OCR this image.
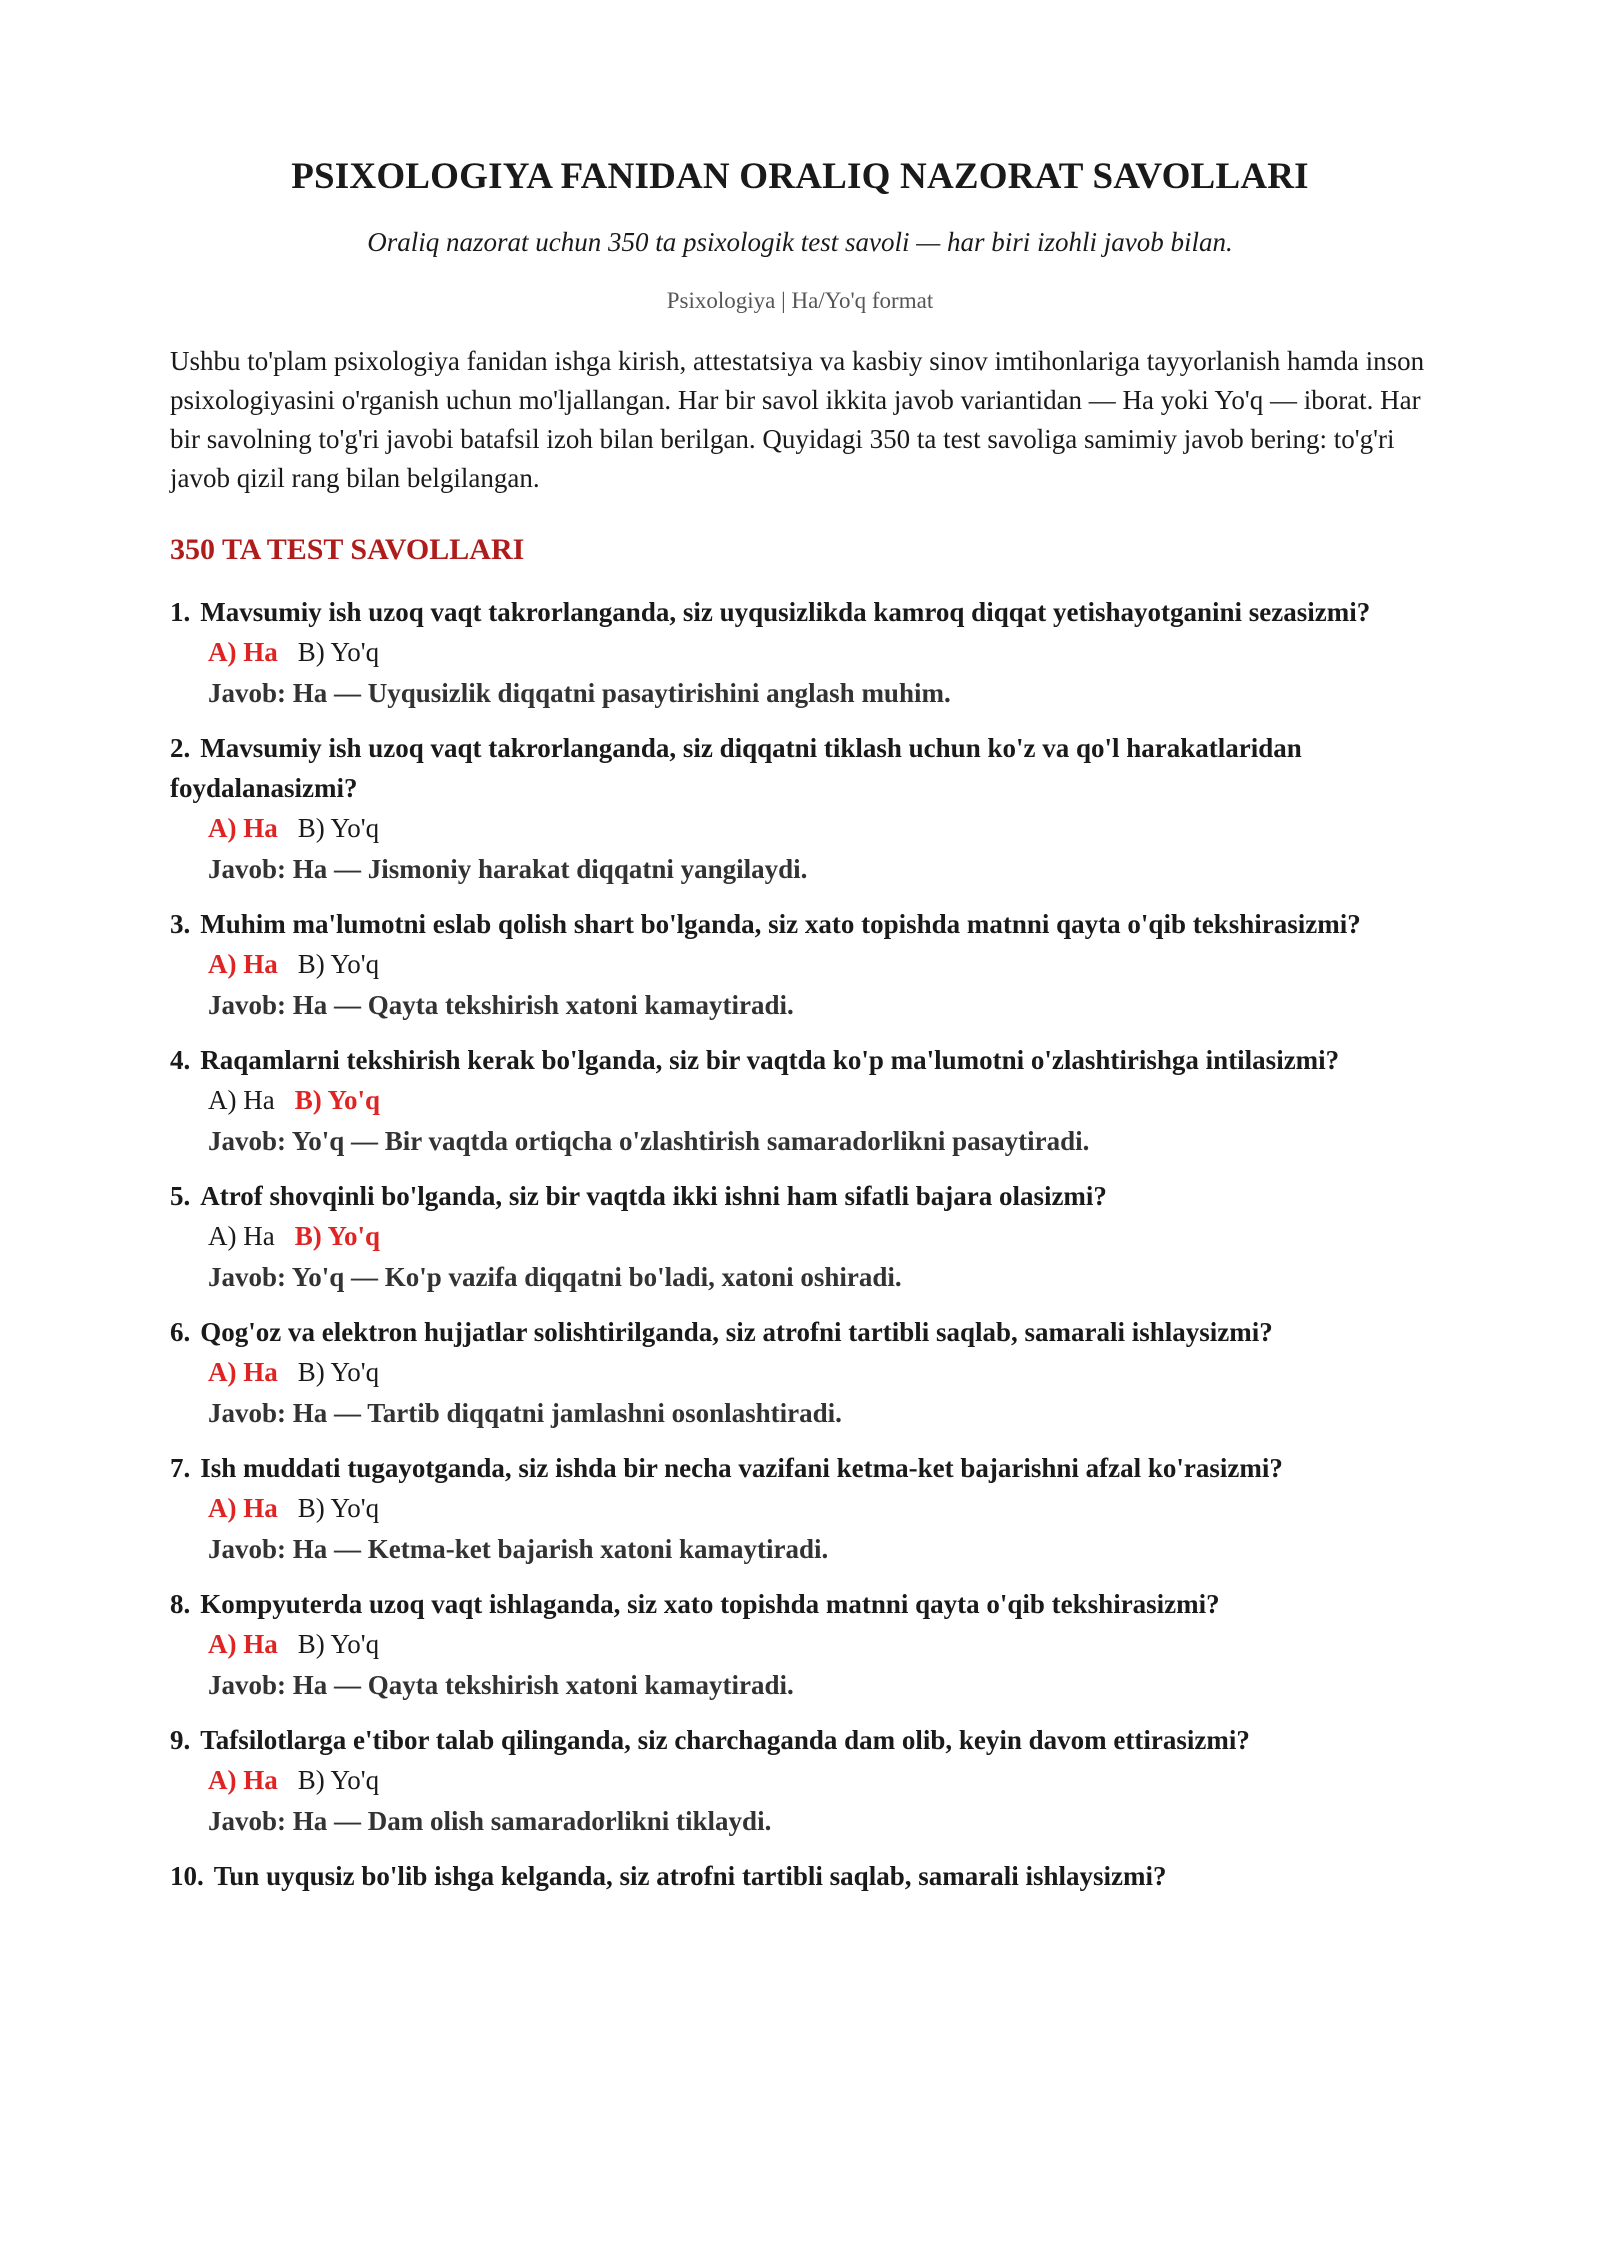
PSIXOLOGIYA FANIDAN ORALIQ NAZORAT SAVOLLARI

Oraliq nazorat uchun 350 ta psixologik test savoli — har biri izohli javob bilan.

Psixologiya | Ha/Yo'q format

Ushbu to'plam psixologiya fanidan ishga kirish, attestatsiya va kasbiy sinov imtihonlariga tayyorlanish hamda inson psixologiyasini o'rganish uchun mo'ljallangan. Har bir savol ikkita javob variantidan — Ha yoki Yo'q — iborat. Har bir savolning to'g'ri javobi batafsil izoh bilan berilgan. Quyidagi 350 ta test savoliga samimiy javob bering: to'g'ri javob qizil rang bilan belgilangan.

350 TA TEST SAVOLLARI

1. Mavsumiy ish uzoq vaqt takrorlanganda, siz uyqusizlikda kamroq diqqat yetishayotganini sezasizmi?

A) Ha B) Yo'q
Javob: Ha — Uyqusizlik diqqatni pasaytirishini anglash muhim.

2. Mavsumiy ish uzoq vaqt takrorlanganda, siz diqqatni tiklash uchun ko'z va qo'l harakatlaridan foydalanasizmi?

A) Ha B) Yo'q
Javob: Ha — Jismoniy harakat diqqatni yangilaydi.

3. Muhim ma'lumotni eslab qolish shart bo'lganda, siz xato topishda matnni qayta o'qib tekshirasizmi?

A) Ha B) Yo'q
Javob: Ha — Qayta tekshirish xatoni kamaytiradi.

4. Raqamlarni tekshirish kerak bo'lganda, siz bir vaqtda ko'p ma'lumotni o'zlashtirishga intilasizmi?

A) Ha B) Yo'q
Javob: Yo'q — Bir vaqtda ortiqcha o'zlashtirish samaradorlikni pasaytiradi.

5. Atrof shovqinli bo'lganda, siz bir vaqtda ikki ishni ham sifatli bajara olasizmi?

A) Ha B) Yo'q
Javob: Yo'q — Ko'p vazifa diqqatni bo'ladi, xatoni oshiradi.

6. Qog'oz va elektron hujjatlar solishtirilganda, siz atrofni tartibli saqlab, samarali ishlaysizmi?

A) Ha B) Yo'q
Javob: Ha — Tartib diqqatni jamlashni osonlashtiradi.

7. Ish muddati tugayotganda, siz ishda bir necha vazifani ketma-ket bajarishni afzal ko'rasizmi?

A) Ha B) Yo'q
Javob: Ha — Ketma-ket bajarish xatoni kamaytiradi.

8. Kompyuterda uzoq vaqt ishlaganda, siz xato topishda matnni qayta o'qib tekshirasizmi?

A) Ha B) Yo'q
Javob: Ha — Qayta tekshirish xatoni kamaytiradi.

9. Tafsilotlarga e'tibor talab qilinganda, siz charchaganda dam olib, keyin davom ettirasizmi?

A) Ha B) Yo'q
Javob: Ha — Dam olish samaradorlikni tiklaydi.

10. Tun uyqusiz bo'lib ishga kelganda, siz atrofni tartibli saqlab, samarali ishlaysizmi?
